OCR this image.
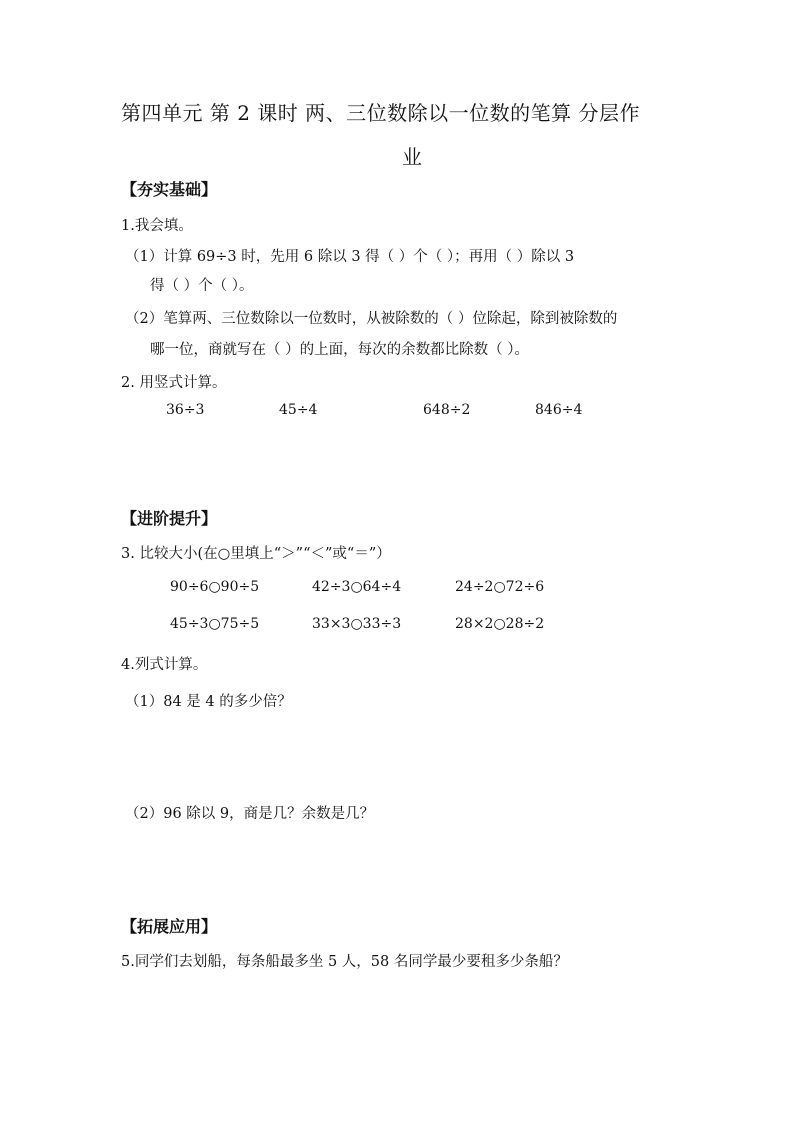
第四单元 第 2 课时 两、三位数除以一位数的笔算 分层作
业
【夯实基础】
1.我会填。
（1）计算 69÷3 时，先用 6 除以 3 得（ ）个（ ）；再用（ ）除以 3
得（ ）个（ ）。
（2）笔算两、三位数除以一位数时，从被除数的（ ）位除起，除到被除数的
哪一位，商就写在（ ）的上面，每次的余数都比除数（ ）。
2. 用竖式计算。
36÷3	45÷4	648÷2	846÷4
【进阶提升】
3. 比较大小(在○里填上“＞”“＜”或“＝”）
90÷6○90÷5	42÷3○64÷4	24÷2○72÷6
45÷3○75÷5	33×3○33÷3	28×2○28÷2
4.列式计算。
（1）84 是 4 的多少倍？
（2）96 除以 9，商是几？余数是几？
【拓展应用】
5.同学们去划船，每条船最多坐 5 人，58 名同学最少要租多少条船？
